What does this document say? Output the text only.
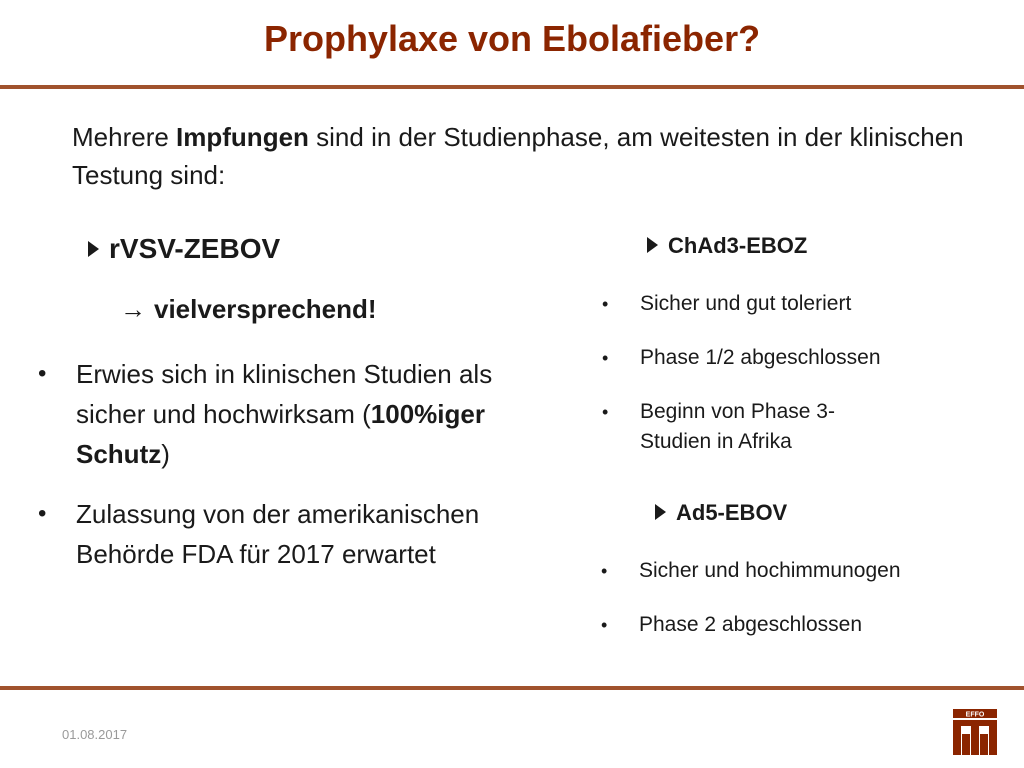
Prophylaxe von Ebolafieber?
Mehrere Impfungen sind in der Studienphase, am weitesten in der klinischen Testung sind:
rVSV-ZEBOV
→ vielversprechend!
•	Erwies sich in klinischen Studien als sicher und hochwirksam (100%iger Schutz)
•	Zulassung von der amerikanischen Behörde FDA für 2017 erwartet
ChAd3-EBOZ
•	Sicher und gut toleriert
•	Phase 1/2 abgeschlossen
•	Beginn von Phase 3-Studien in Afrika
Ad5-EBOV
•	Sicher und hochimmunogen
•	Phase 2 abgeschlossen
01.08.2017
EFFO
